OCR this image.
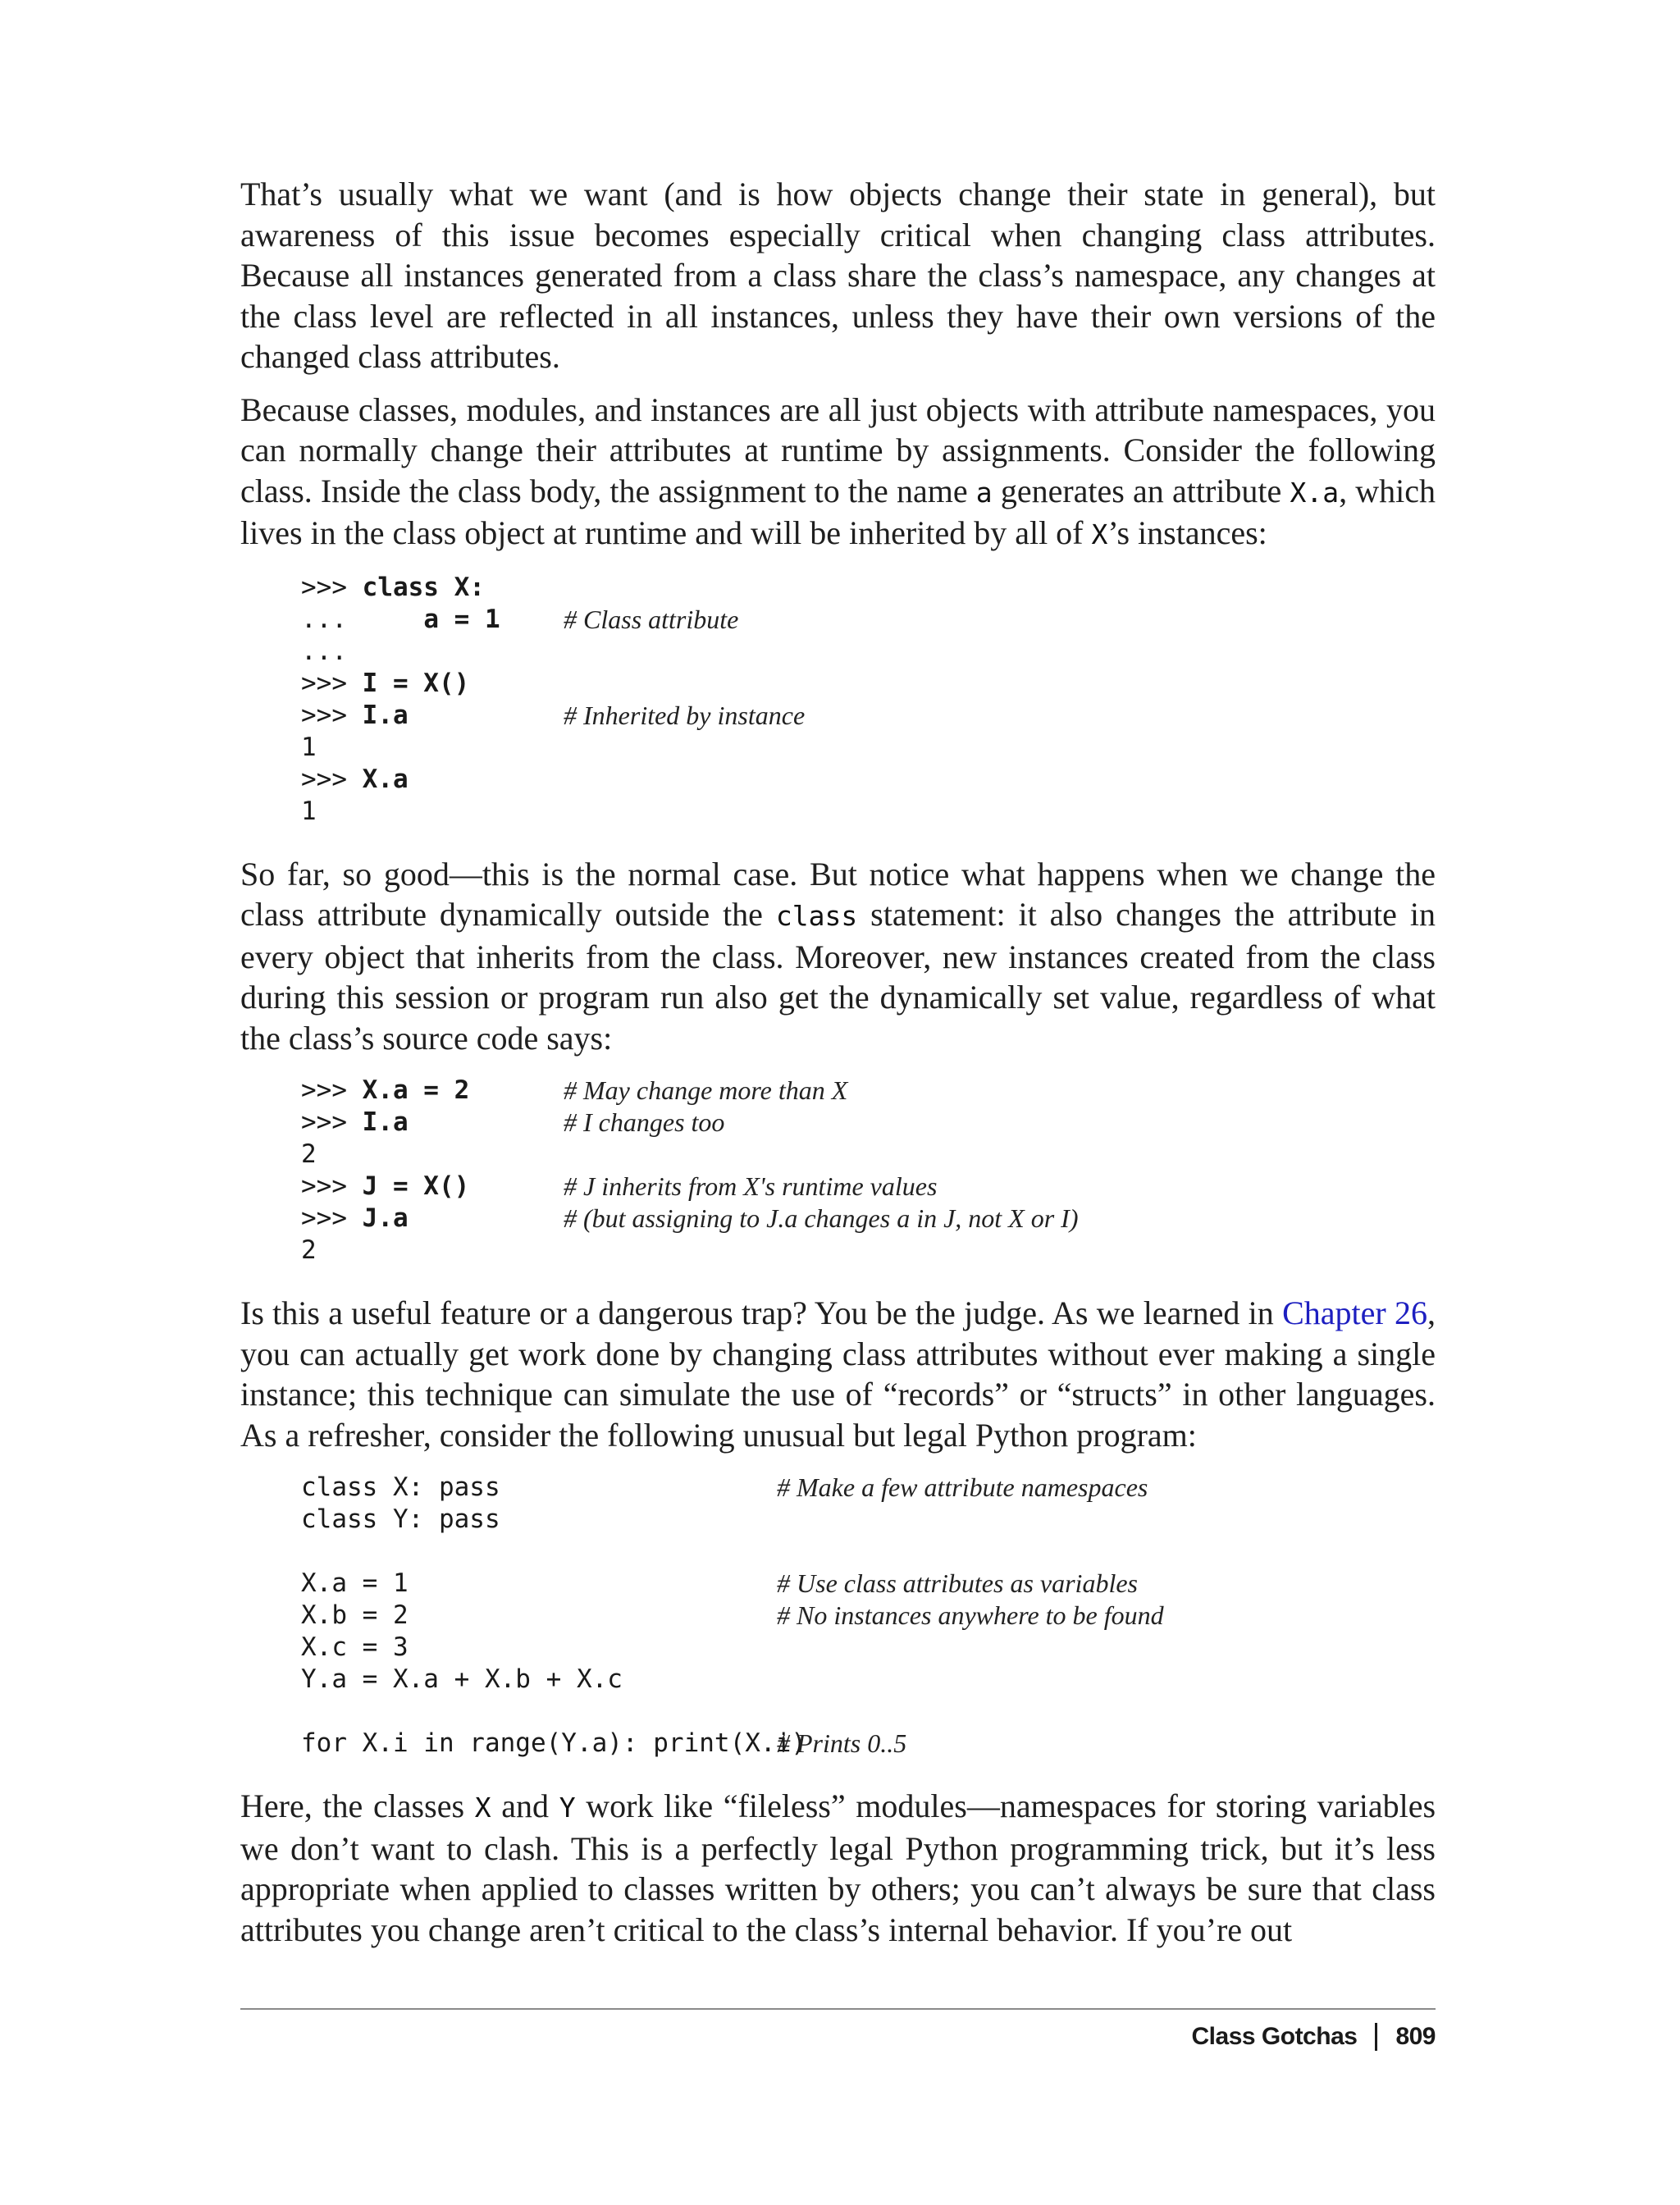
That’s usually what we want (and is how objects change their state in general), but awareness of this issue becomes especially critical when changing class attributes. Because all instances generated from a class share the class’s namespace, any changes at the class level are reflected in all instances, unless they have their own versions of the changed class attributes.

Because classes, modules, and instances are all just objects with attribute namespaces, you can normally change their attributes at runtime by assignments. Consider the following class. Inside the class body, the assignment to the name a generates an attribute X.a, which lives in the class object at runtime and will be inherited by all of X’s instances:

>>> class X:
...     a = 1	# Class attribute
...
>>> I = X()
>>> I.a	# Inherited by instance
1
>>> X.a
1

So far, so good—this is the normal case. But notice what happens when we change the class attribute dynamically outside the class statement: it also changes the attribute in every object that inherits from the class. Moreover, new instances created from the class during this session or program run also get the dynamically set value, regardless of what the class’s source code says:

>>> X.a = 2	# May change more than X
>>> I.a	# I changes too
2
>>> J = X()	# J inherits from X's runtime values
>>> J.a	# (but assigning to J.a changes a in J, not X or I)
2

Is this a useful feature or a dangerous trap? You be the judge. As we learned in Chapter 26, you can actually get work done by changing class attributes without ever making a single instance; this technique can simulate the use of “records” or “structs” in other languages. As a refresher, consider the following unusual but legal Python program:

class X: pass	# Make a few attribute namespaces
class Y: pass
X.a = 1	# Use class attributes as variables
X.b = 2	# No instances anywhere to be found
X.c = 3
Y.a = X.a + X.b + X.c
for X.i in range(Y.a): print(X.i)
# Prints 0..5

Here, the classes X and Y work like “fileless” modules—namespaces for storing variables we don’t want to clash. This is a perfectly legal Python programming trick, but it’s less appropriate when applied to classes written by others; you can’t always be sure that class attributes you change aren’t critical to the class’s internal behavior. If you’re out

Class Gotchas 809
